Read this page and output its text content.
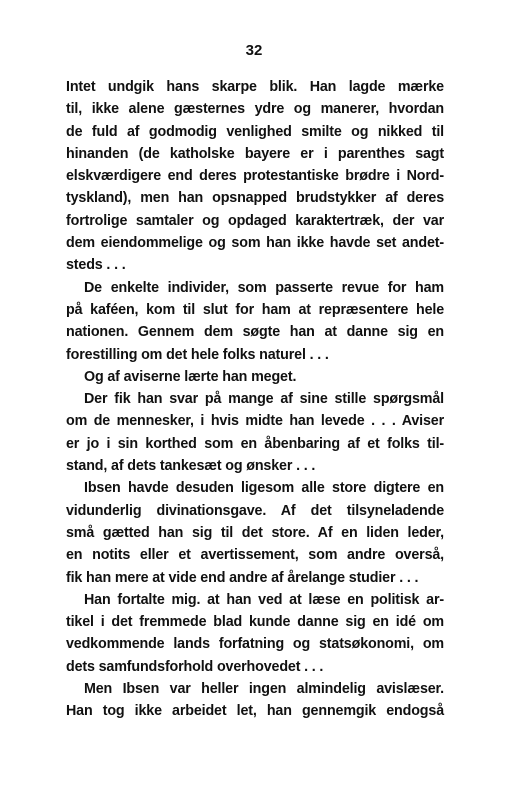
32
Intet undgik hans skarpe blik. Han lagde mærke
til, ikke alene gæsternes ydre og manerer, hvordan
de fuld af godmodig venlighed smilte og nikked til
hinanden (de katholske bayere er i parenthes sagt
elskværdigere end deres protestantiske brødre i Nord-
tyskland), men han opsnapped brudstykker af deres
fortrolige samtaler og opdaged karaktertræk, der var
dem eiendommelige og som han ikke havde set andet-
steds . . .
De enkelte individer, som passerte revue for ham
på kaféen, kom til slut for ham at repræsentere hele
nationen. Gennem dem søgte han at danne sig en
forestilling om det hele folks naturel . . .
Og af aviserne lærte han meget.
Der fik han svar på mange af sine stille spørgsmål
om de mennesker, i hvis midte han levede . . . Aviser
er jo i sin korthed som en åbenbaring af et folks til-
stand, af dets tankesæt og ønsker . . .
Ibsen havde desuden ligesom alle store digtere en
vidunderlig divinationsgave. Af det tilsyneladende
små gætted han sig til det store. Af en liden leder,
en notits eller et avertissement, som andre overså,
fik han mere at vide end andre af årelange studier . . .
Han fortalte mig. at han ved at læse en politisk ar-
tikel i det fremmede blad kunde danne sig en idé om
vedkommende lands forfatning og statsøkonomi, om
dets samfundsforhold overhovedet . . .
Men Ibsen var heller ingen almindelig avislæser.
Han tog ikke arbeidet let, han gennemgik endogså
